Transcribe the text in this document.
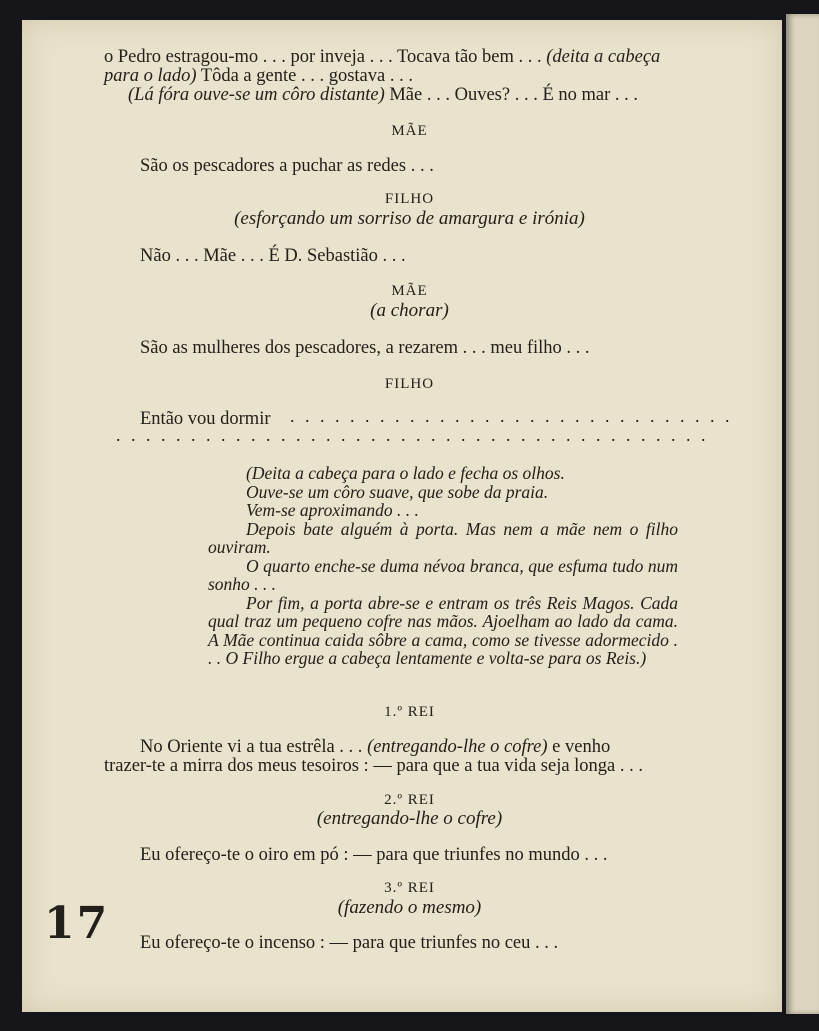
o Pedro estragou-mo . . . por inveja . . . Tocava tão bem . . . (deita a cabeça
para o lado) Tôda a gente . . . gostava . . .
(Lá fóra ouve-se um côro distante) Mãe . . . Ouves? . . . É no mar . . .
MÃE
São os pescadores a puchar as redes . . .
FILHO
(esforçando um sorriso de amargura e irónia)
Não . . . Mãe . . . É D. Sebastião . . .
MÃE
(a chorar)
São as mulheres dos pescadores, a rezarem . . . meu filho . . .
FILHO
Então vou dormir . . . . . . . . . . . . . . . . . . . . . . . . . . . . . .
. . . . . . . . . . . . . . . . . . . . . . . . . . . . . . . . . . . . . . . .

(Deita a cabeça para o lado e fecha os olhos.

Ouve-se um côro suave, que sobe da praia.

Vem-se aproximando . . .

Depois bate alguém à porta. Mas nem a mãe nem o filho ouviram.

O quarto enche-se duma névoa branca, que esfuma tudo num sonho . . .

Por fim, a porta abre-se e entram os três Reis Magos. Cada qual traz um pequeno cofre nas mãos. Ajoelham ao lado da cama. A Mãe continua caida sôbre a cama, como se tivesse adormecido . . . O Filho ergue a cabeça lentamente e volta-se para os Reis.)

1.º REI
No Oriente vi a tua estrêla . . . (entregando-lhe o cofre) e venho
trazer-te a mirra dos meus tesoiros : — para que a tua vida seja longa . . .
2.º REI
(entregando-lhe o cofre)
Eu ofereço-te o oiro em pó : — para que triunfes no mundo . . .
3.º REI
(fazendo o mesmo)
Eu ofereço-te o incenso : — para que triunfes no ceu . . .
17
